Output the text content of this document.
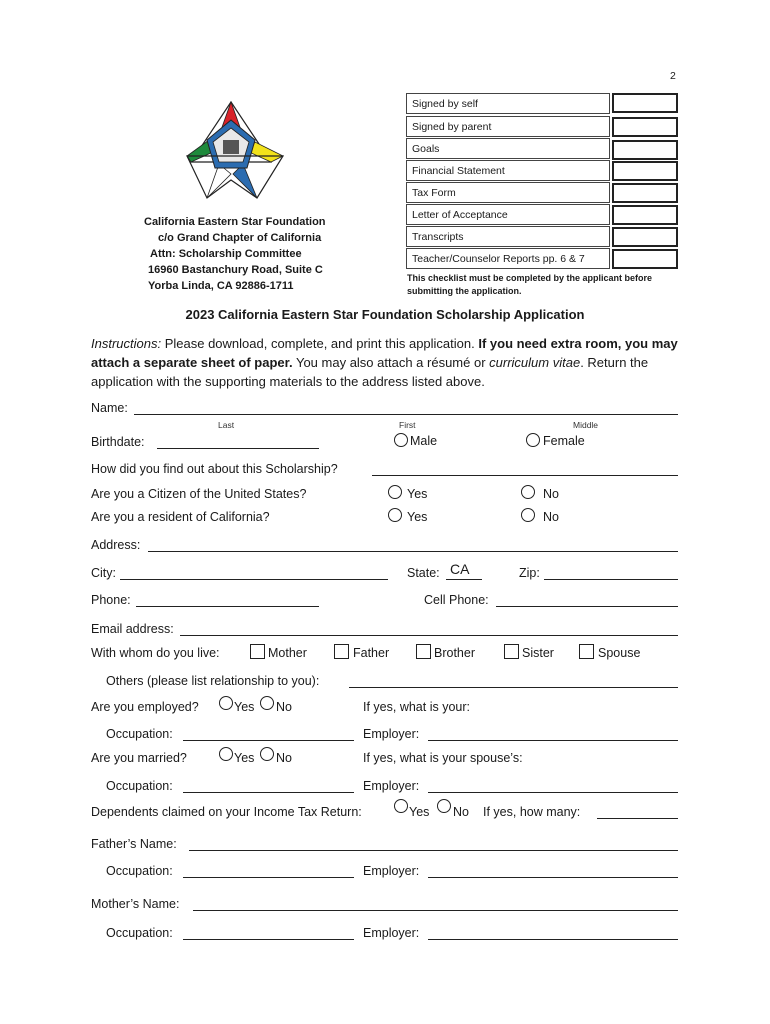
2
California Eastern Star Foundation
c/o Grand Chapter of California
Attn: Scholarship Committee
16960 Bastanchury Road, Suite C
Yorba Linda, CA 92886-1711
Signed by self
Signed by parent
Goals
Financial Statement
Tax Form
Letter of Acceptance
Transcripts
Teacher/Counselor Reports pp. 6 & 7
This checklist must be completed by the applicant before
submitting the application.
2023 California Eastern Star Foundation Scholarship Application
Instructions: Please download, complete, and print this application. If you need extra room, you may attach a separate sheet of paper. You may also attach a résumé or curriculum vitae. Return the application with the supporting materials to the address listed above.
Name:
Last	First	Middle
Birthdate:	Male	Female
How did you find out about this Scholarship?
Are you a Citizen of the United States?	Yes	No
Are you a resident of California?	Yes	No
Address:
City:	State: CA	Zip:
Phone:	Cell Phone:
Email address:
With whom do you live:	Mother	Father	Brother	Sister	Spouse
Others (please list relationship to you):
Are you employed?	Yes No	If yes, what is your:
Occupation:	Employer:
Are you married?	Yes No	If yes, what is your spouse’s:
Occupation:	Employer:
Dependents claimed on your Income Tax Return:	Yes No If yes, how many:
Father’s Name:
Occupation:	Employer:
Mother’s Name:
Occupation:	Employer:
